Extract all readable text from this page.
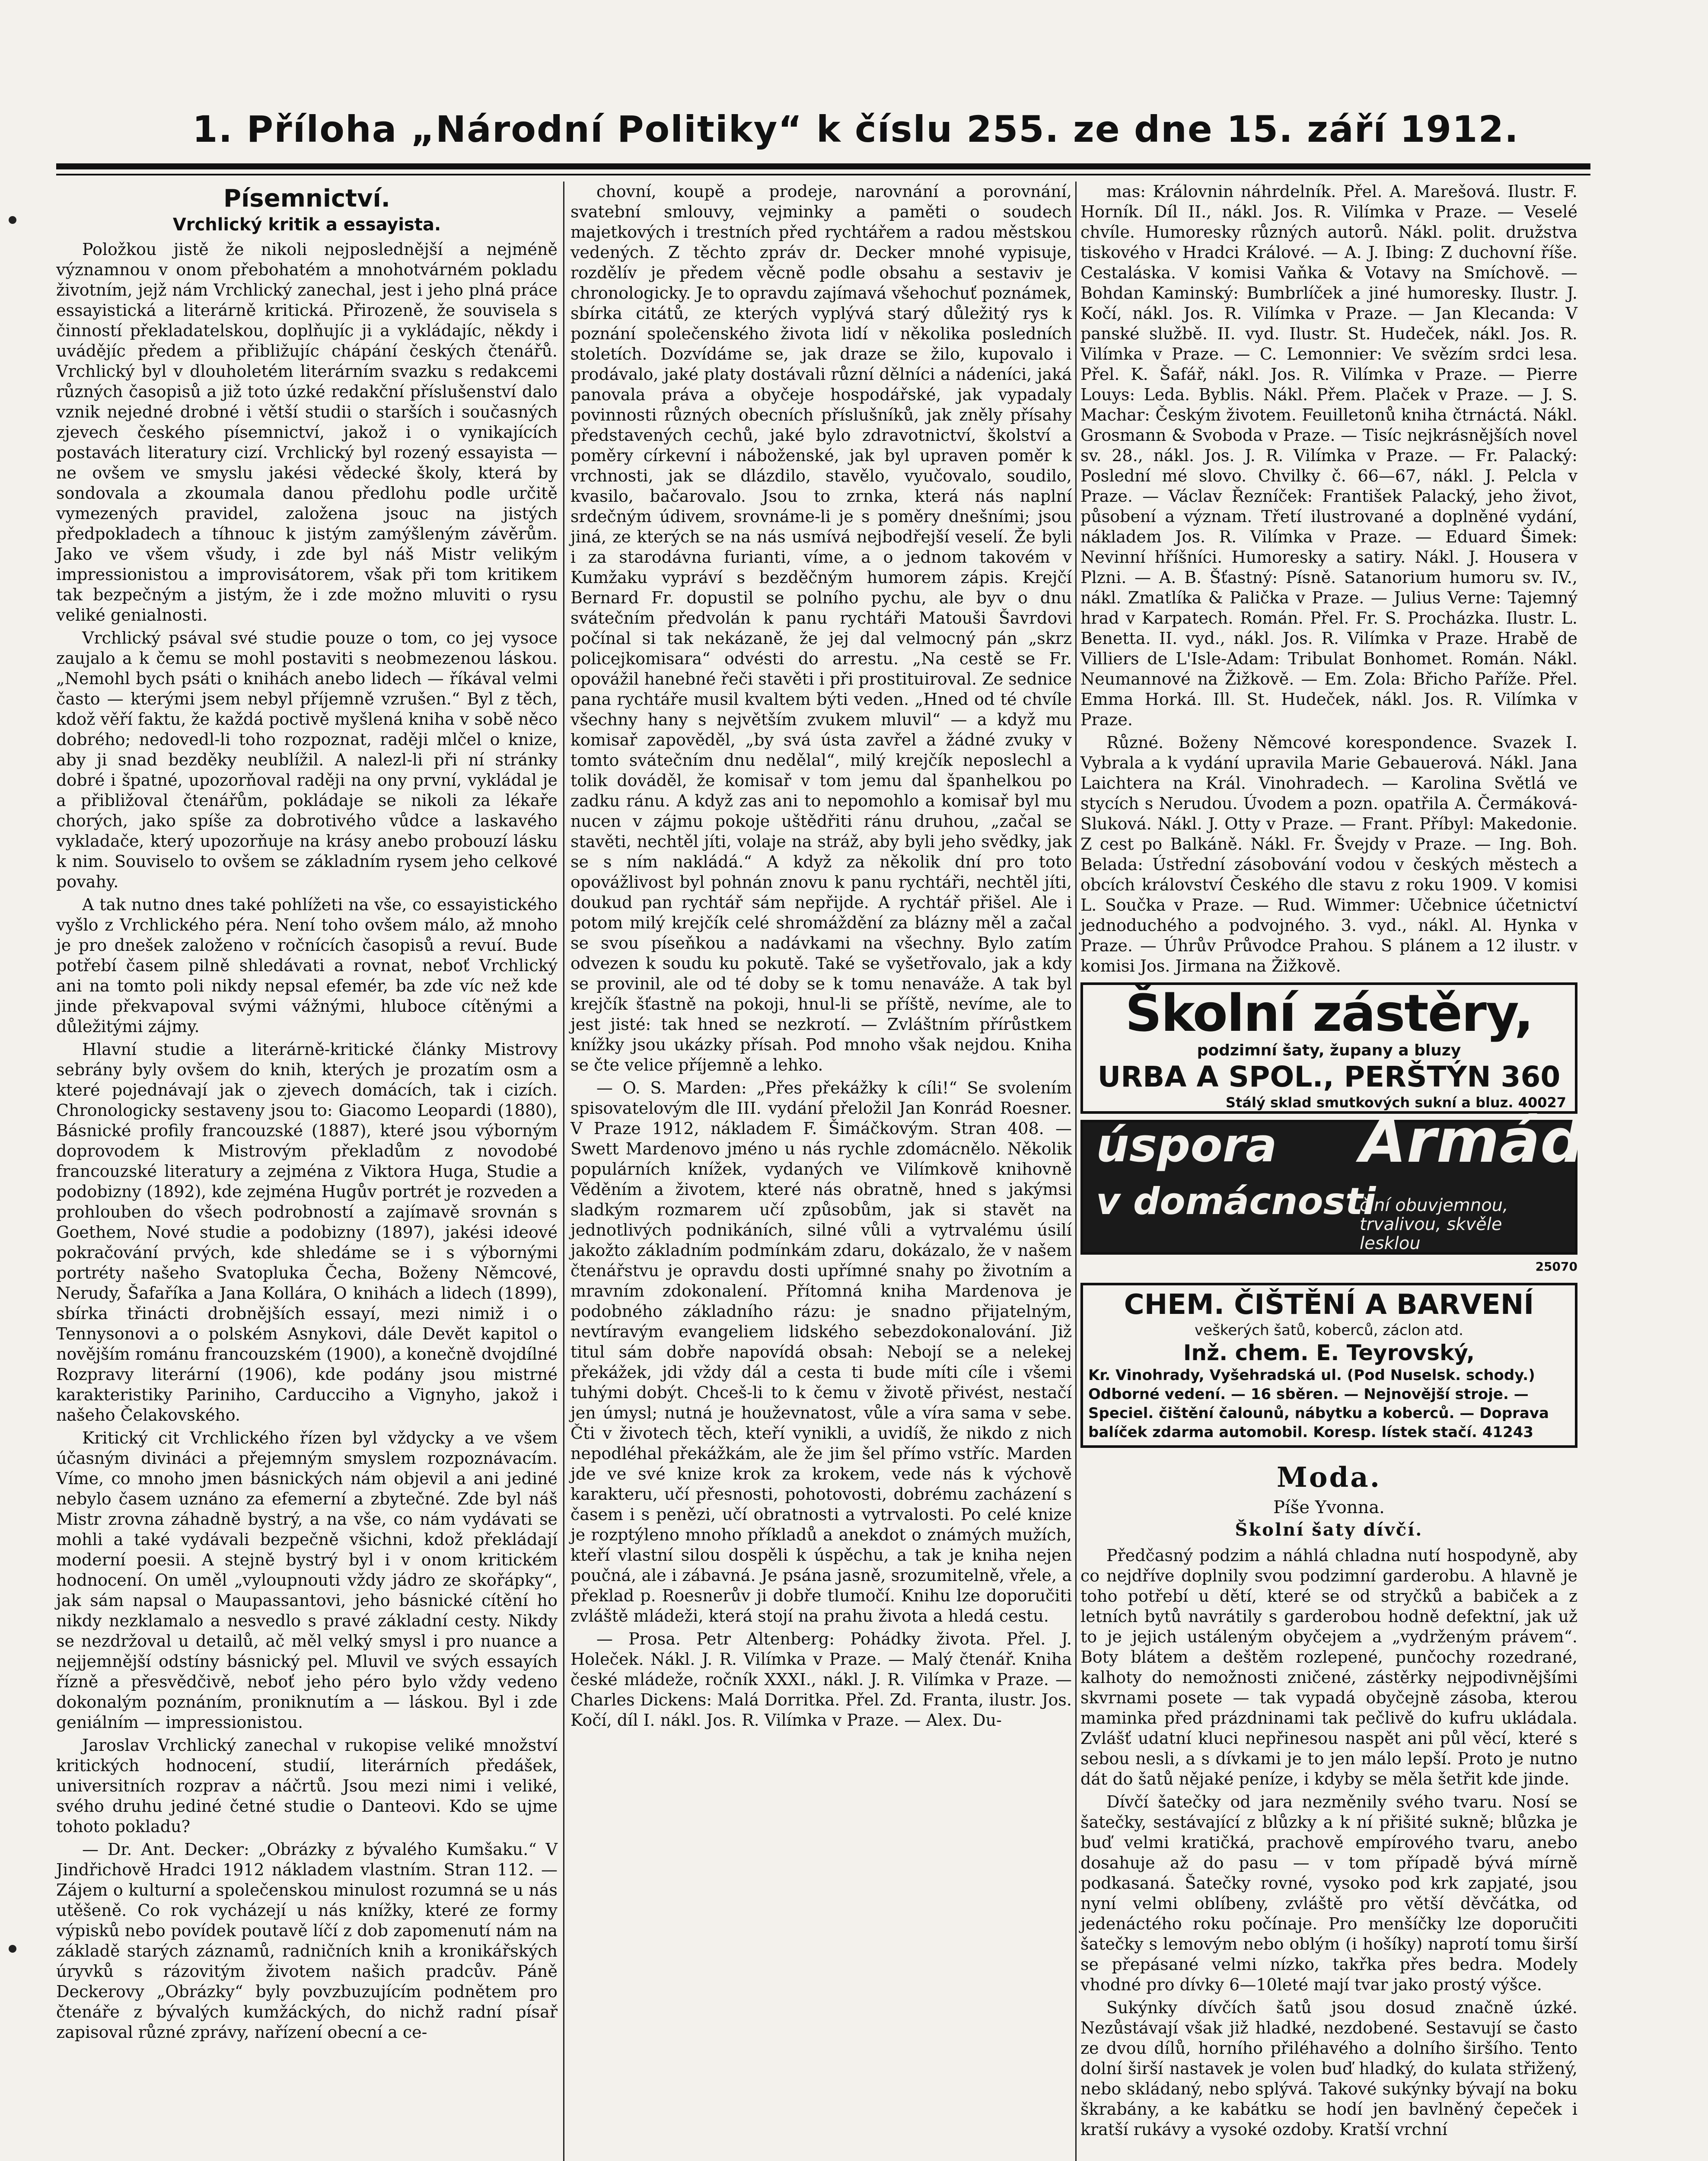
1. Příloha „Národní Politiky“ k číslu 255. ze dne 15. září 1912.
Písemnictví.
Vrchlický kritik a essayista.

Položkou jistě že nikoli nejposlednější a nejméně významnou v onom přebohatém a mnohotvárném pokladu životním, jejž nám Vrchlický zanechal, jest i jeho plná práce essayistická a literárně kritická. Přirozeně, že souvisela s činností překladatelskou, doplňujíc ji a vykládajíc, někdy i uvádějíc předem a přibližujíc chápání českých čtenářů. Vrchlický byl v dlouholetém literárním svazku s redakcemi různých časopisů a již toto úzké redakční příslušenství dalo vznik nejedné drobné i větší studii o starších i současných zjevech českého písemnictví, jakož i o vynikajících postavách literatury cizí. Vrchlický byl rozený essayista — ne ovšem ve smyslu jakési vědecké školy, která by sondovala a zkoumala danou předlohu podle určitě vymezených pravidel, založena jsouc na jistých předpokladech a tíhnouc k jistým zamýšleným závěrům. Jako ve všem všudy, i zde byl náš Mistr velikým impressionistou a improvisátorem, však při tom kritikem tak bezpečným a jistým, že i zde možno mluviti o rysu veliké genialnosti.

Vrchlický psával své studie pouze o tom, co jej vysoce zaujalo a k čemu se mohl postaviti s neobmezenou láskou. „Nemohl bych psáti o knihách anebo lidech — říkával velmi často — kterými jsem nebyl příjemně vzrušen.“ Byl z těch, kdož věří faktu, že každá poctivě myšlená kniha v sobě něco dobrého; nedovedl-li toho rozpoznat, raději mlčel o knize, aby ji snad bezděky neublížil. A nalezl-li při ní stránky dobré i špatné, upozorňoval raději na ony první, vykládal je a přibližoval čtenářům, pokládaje se nikoli za lékaře chorých, jako spíše za dobrotivého vůdce a laskavého vykladače, který upozorňuje na krásy anebo probouzí lásku k nim. Souviselo to ovšem se základním rysem jeho celkové povahy.

A tak nutno dnes také pohlížeti na vše, co essayistického vyšlo z Vrchlického péra. Není toho ovšem málo, až mnoho je pro dnešek založeno v ročnících časopisů a revuí. Bude potřebí časem pilně shledávati a rovnat, neboť Vrchlický ani na tomto poli nikdy nepsal efemér, ba zde víc než kde jinde překvapoval svými vážnými, hluboce cítěnými a důležitými zájmy.

Hlavní studie a literárně-kritické články Mistrovy sebrány byly ovšem do knih, kterých je prozatím osm a které pojednávají jak o zjevech domácích, tak i cizích. Chronologicky sestaveny jsou to: Giacomo Leopardi (1880), Básnické profily francouzské (1887), které jsou výborným doprovodem k Mistrovým překladům z novodobé francouzské literatury a zejména z Viktora Huga, Studie a podobizny (1892), kde zejména Hugův portrét je rozveden a prohlouben do všech podrobností a zajímavě srovnán s Goethem, Nové studie a podobizny (1897), jakési ideové pokračování prvých, kde shledáme se i s výbornými portréty našeho Svatopluka Čecha, Boženy Němcové, Nerudy, Šafaříka a Jana Kollára, O knihách a lidech (1899), sbírka třinácti drobnějších essayí, mezi nimiž i o Tennysonovi a o polském Asnykovi, dále Devět kapitol o novějším románu francouzském (1900), a konečně dvojdílné Rozpravy literární (1906), kde podány jsou mistrné karakteristiky Pariniho, Carducciho a Vignyho, jakož i našeho Čelakovského.

Kritický cit Vrchlického řízen byl vždycky a ve všem účasným divináci a přejemným smyslem rozpoznávacím. Víme, co mnoho jmen básnických nám objevil a ani jediné nebylo časem uznáno za efemerní a zbytečné. Zde byl náš Mistr zrovna záhadně bystrý, a na vše, co nám vydávati se mohli a také vydávali bezpečně všichni, kdož překládají moderní poesii. A stejně bystrý byl i v onom kritickém hodnocení. On uměl „vyloupnouti vždy jádro ze skořápky“, jak sám napsal o Maupassantovi, jeho básnické cítění ho nikdy nezklamalo a nesvedlo s pravé základní cesty. Nikdy se nezdržoval u detailů, ač měl velký smysl i pro nuance a nejjemnější odstíny básnický pel. Mluvil ve svých essayích řízně a přesvědčivě, neboť jeho péro bylo vždy vedeno dokonalým poznáním, proniknutím a — láskou. Byl i zde geniálním — impressionistou.

Jaroslav Vrchlický zanechal v rukopise veliké množství kritických hodnocení, studií, literárních předášek, universitních rozprav a náčrtů. Jsou mezi nimi i veliké, svého druhu jediné četné studie o Danteovi. Kdo se ujme tohoto pokladu?

— Dr. Ant. Decker: „Obrázky z bývalého Kumšaku.“ V Jindřichově Hradci 1912 nákladem vlastním. Stran 112. — Zájem o kulturní a společenskou minulost rozumná se u nás utěšeně. Co rok vycházejí u nás knížky, které ze formy výpisků nebo povídek poutavě líčí z dob zapomenutí nám na základě starých záznamů, radničních knih a kronikářských úryvků s rázovitým životem našich pradcův. Páně Deckerovy „Obrázky“ byly povzbuzujícím podnětem pro čtenáře z bývalých kumžáckých, do nichž radní písař zapisoval různé zprávy, nařízení obecní a ce-

chovní, koupě a prodeje, narovnání a porovnání, svatební smlouvy, vejminky a paměti o soudech majetkových i trestních před rychtářem a radou městskou vedených. Z těchto zpráv dr. Decker mnohé vypisuje, rozdělív je předem věcně podle obsahu a sestaviv je chronologicky. Je to opravdu zajímavá všehochuť poznámek, sbírka citátů, ze kterých vyplývá starý důležitý rys k poznání společenského života lidí v několika posledních stoletích. Dozvídáme se, jak draze se žilo, kupovalo i prodávalo, jaké platy dostávali různí dělníci a nádeníci, jaká panovala práva a obyčeje hospodářské, jak vypadaly povinnosti různých obecních příslušníků, jak zněly přísahy představených cechů, jaké bylo zdravotnictví, školství a poměry církevní i náboženské, jak byl upraven poměr k vrchnosti, jak se dlázdilo, stavělo, vyučovalo, soudilo, kvasilo, bačarovalo. Jsou to zrnka, která nás naplní srdečným údivem, srovnáme-li je s poměry dnešními; jsou jiná, ze kterých se na nás usmívá nejbodřejší veselí. Že byli i za starodávna furianti, víme, a o jednom takovém v Kumžaku vypráví s bezděčným humorem zápis. Krejčí Bernard Fr. dopustil se polního pychu, ale byv o dnu svátečním předvolán k panu rychtáři Matouši Šavrdovi počínal si tak nekázaně, že jej dal velmocný pán „skrz policejkomisara“ odvésti do arrestu. „Na cestě se Fr. opovážil hanebné řeči stavěti i při prostituiroval. Ze sednice pana rychtáře musil kvaltem býti veden. „Hned od té chvíle všechny hany s největším zvukem mluvil“ — a když mu komisař zapověděl, „by svá ústa zavřel a žádné zvuky v tomto svátečním dnu nedělal“, milý krejčík neposlechl a tolik dováděl, že komisař v tom jemu dal španhelkou po zadku ránu. A když zas ani to nepomohlo a komisař byl mu nucen v zájmu pokoje uštědřiti ránu druhou, „začal se stavěti, nechtěl jíti, volaje na stráž, aby byli jeho svědky, jak se s ním nakládá.“ A když za několik dní pro toto opovážlivost byl pohnán znovu k panu rychtáři, nechtěl jíti, doukud pan rychtář sám nepřijde. A rychtář přišel. Ale i potom milý krejčík celé shromáždění za blázny měl a začal se svou píseňkou a nadávkami na všechny. Bylo zatím odvezen k soudu ku pokutě. Také se vyšetřovalo, jak a kdy se provinil, ale od té doby se k tomu nenaváže. A tak byl krejčík šťastně na pokoji, hnul-li se příště, nevíme, ale to jest jisté: tak hned se nezkrotí. — Zvláštním přírůstkem knížky jsou ukázky přísah. Pod mnoho však nejdou. Kniha se čte velice příjemně a lehko.

— O. S. Marden: „Přes překážky k cíli!“ Se svolením spisovatelovým dle III. vydání přeložil Jan Konrád Roesner. V Praze 1912, nákladem F. Šimáčkovým. Stran 408. — Swett Mardenovo jméno u nás rychle zdomácnělo. Několik populárních knížek, vydaných ve Vilímkově knihovně Věděním a životem, které nás obratně, hned s jakýmsi sladkým rozmarem učí způsobům, jak si stavět na jednotlivých podnikáních, silné vůli a vytrvalému úsilí jakožto základním podmínkám zdaru, dokázalo, že v našem čtenářstvu je opravdu dosti upřímné snahy po životním a mravním zdokonalení. Přítomná kniha Mardenova je podobného základního rázu: je snadno přijatelným, nevtíravým evangeliem lidského sebezdokonalování. Již titul sám dobře napovídá obsah: Nebojí se a nelekej překážek, jdi vždy dál a cesta ti bude míti cíle i všemi tuhými dobýt. Chceš-li to k čemu v životě přivést, nestačí jen úmysl; nutná je houževnatost, vůle a víra sama v sebe. Čti v životech těch, kteří vynikli, a uvidíš, že nikdo z nich nepodléhal překážkám, ale že jim šel přímo vstříc. Marden jde ve své knize krok za krokem, vede nás k výchově karakteru, učí přesnosti, pohotovosti, dobrému zacházení s časem i s penězi, učí obratnosti a vytrvalosti. Po celé knize je rozptýleno mnoho příkladů a anekdot o známých mužích, kteří vlastní silou dospěli k úspěchu, a tak je kniha nejen poučná, ale i zábavná. Je psána jasně, srozumitelně, vřele, a překlad p. Roesnerův ji dobře tlumočí. Knihu lze doporučiti zvláště mládeži, která stojí na prahu života a hledá cestu.

— Prosa. Petr Altenberg: Pohádky života. Přel. J. Holeček. Nákl. J. R. Vilímka v Praze. — Malý čtenář. Kniha české mládeže, ročník XXXI., nákl. J. R. Vilímka v Praze. — Charles Dickens: Malá Dorritka. Přel. Zd. Franta, ilustr. Jos. Kočí, díl I. nákl. Jos. R. Vilímka v Praze. — Alex. Du-

mas: Královnin náhrdelník. Přel. A. Marešová. Ilustr. F. Horník. Díl II., nákl. Jos. R. Vilímka v Praze. — Veselé chvíle. Humoresky různých autorů. Nákl. polit. družstva tiskového v Hradci Králové. — A. J. Ibing: Z duchovní říše. Cestaláska. V komisi Vaňka & Votavy na Smíchově. — Bohdan Kaminský: Bumbrlíček a jiné humoresky. Ilustr. J. Kočí, nákl. Jos. R. Vilímka v Praze. — Jan Klecanda: V panské službě. II. vyd. Ilustr. St. Hudeček, nákl. Jos. R. Vilímka v Praze. — C. Lemonnier: Ve svězím srdci lesa. Přel. K. Šafář, nákl. Jos. R. Vilímka v Praze. — Pierre Louys: Leda. Byblis. Nákl. Přem. Plaček v Praze. — J. S. Machar: Českým životem. Feuilletonů kniha čtrnáctá. Nákl. Grosmann & Svoboda v Praze. — Tisíc nejkrásnějších novel sv. 28., nákl. Jos. J. R. Vilímka v Praze. — Fr. Palacký: Poslední mé slovo. Chvilky č. 66—67, nákl. J. Pelcla v Praze. — Václav Řezníček: František Palacký, jeho život, působení a význam. Třetí ilustrované a doplněné vydání, nákladem Jos. R. Vilímka v Praze. — Eduard Šimek: Nevinní hříšníci. Humoresky a satiry. Nákl. J. Housera v Plzni. — A. B. Šťastný: Písně. Satanorium humoru sv. IV., nákl. Zmatlíka & Palička v Praze. — Julius Verne: Tajemný hrad v Karpatech. Román. Přel. Fr. S. Procházka. Ilustr. L. Benetta. II. vyd., nákl. Jos. R. Vilímka v Praze. Hrabě de Villiers de L'Isle-Adam: Tribulat Bonhomet. Román. Nákl. Neumannové na Žižkově. — Em. Zola: Břicho Paříže. Přel. Emma Horká. Ill. St. Hudeček, nákl. Jos. R. Vilímka v Praze.

Různé. Boženy Němcové korespondence. Svazek I. Vybrala a k vydání upravila Marie Gebauerová. Nákl. Jana Laichtera na Král. Vinohradech. — Karolina Světlá ve stycích s Nerudou. Úvodem a pozn. opatřila A. Čermáková-Sluková. Nákl. J. Otty v Praze. — Frant. Příbyl: Makedonie. Z cest po Balkáně. Nákl. Fr. Švejdy v Praze. — Ing. Boh. Belada: Ústřední zásobování vodou v českých městech a obcích království Českého dle stavu z roku 1909. V komisi L. Součka v Praze. — Rud. Wimmer: Učebnice účetnictví jednoduchého a podvojného. 3. vyd., nákl. Al. Hynka v Praze. — Úhrův Průvodce Prahou. S plánem a 12 ilustr. v komisi Jos. Jirmana na Žižkově.

Školní zástěry,
podzimní šaty, župany a bluzy
URBA A SPOL., PERŠTÝN 360
Stálý sklad smutkových sukní a bluz. 40027
úspora
v domácnosti
Armáda
činí obuvjemnou, trvalivou, skvěle lesklou
25070
CHEM. ČIŠTĚNÍ A BARVENÍ
veškerých šatů, koberců, záclon atd.
Inž. chem. E. Teyrovský,
Kr. Vinohrady, Vyšehradská ul. (Pod Nuselsk. schody.) Odborné vedení. — 16 sběren. — Nejnovější stroje. — Speciel. čištění čalounů, nábytku a koberců. — Doprava balíček zdarma automobil. Koresp. lístek stačí. 41243
Moda.
Píše Yvonna.
Školní šaty dívčí.

Předčasný podzim a náhlá chladna nutí hospodyně, aby co nejdříve doplnily svou podzimní garderobu. A hlavně je toho potřebí u dětí, které se od stryčků a babiček a z letních bytů navrátily s garderobou hodně defektní, jak už to je jejich ustáleným obyčejem a „vydrženým právem“. Boty blátem a deštěm rozlepené, punčochy rozedrané, kalhoty do nemožnosti zničené, zástěrky nejpodivnějšími skvrnami posete — tak vypadá obyčejně zásoba, kterou maminka před prázdninami tak pečlivě do kufru ukládala. Zvlášť udatní kluci nepřinesou naspět ani půl věcí, které s sebou nesli, a s dívkami je to jen málo lepší. Proto je nutno dát do šatů nějaké peníze, i kdyby se měla šetřit kde jinde.

Dívčí šatečky od jara nezměnily svého tvaru. Nosí se šatečky, sestávající z blůzky a k ní přišité sukně; blůzka je buď velmi kratičká, prachově empírového tvaru, anebo dosahuje až do pasu — v tom případě bývá mírně podkasaná. Šatečky rovné, vysoko pod krk zapjaté, jsou nyní velmi oblíbeny, zvláště pro větší děvčátka, od jedenáctého roku počínaje. Pro menšíčky lze doporučiti šatečky s lemovým nebo oblým (i hošíky) naprotí tomu širší se přepásané velmi nízko, takřka přes bedra. Modely vhodné pro dívky 6—10leté mají tvar jako prostý výšce.

Sukýnky dívčích šatů jsou dosud značně úzké. Nezůstávají však již hladké, nezdobené. Sestavují se často ze dvou dílů, horního přiléhavého a dolního širšího. Tento dolní širší nastavek je volen buď hladký, do kulata střižený, nebo skládaný, nebo splývá. Takové sukýnky bývají na boku škrabány, a ke kabátku se hodí jen bavlněný čepeček i kratší rukávy a vysoké ozdoby. Kratší vrchní
